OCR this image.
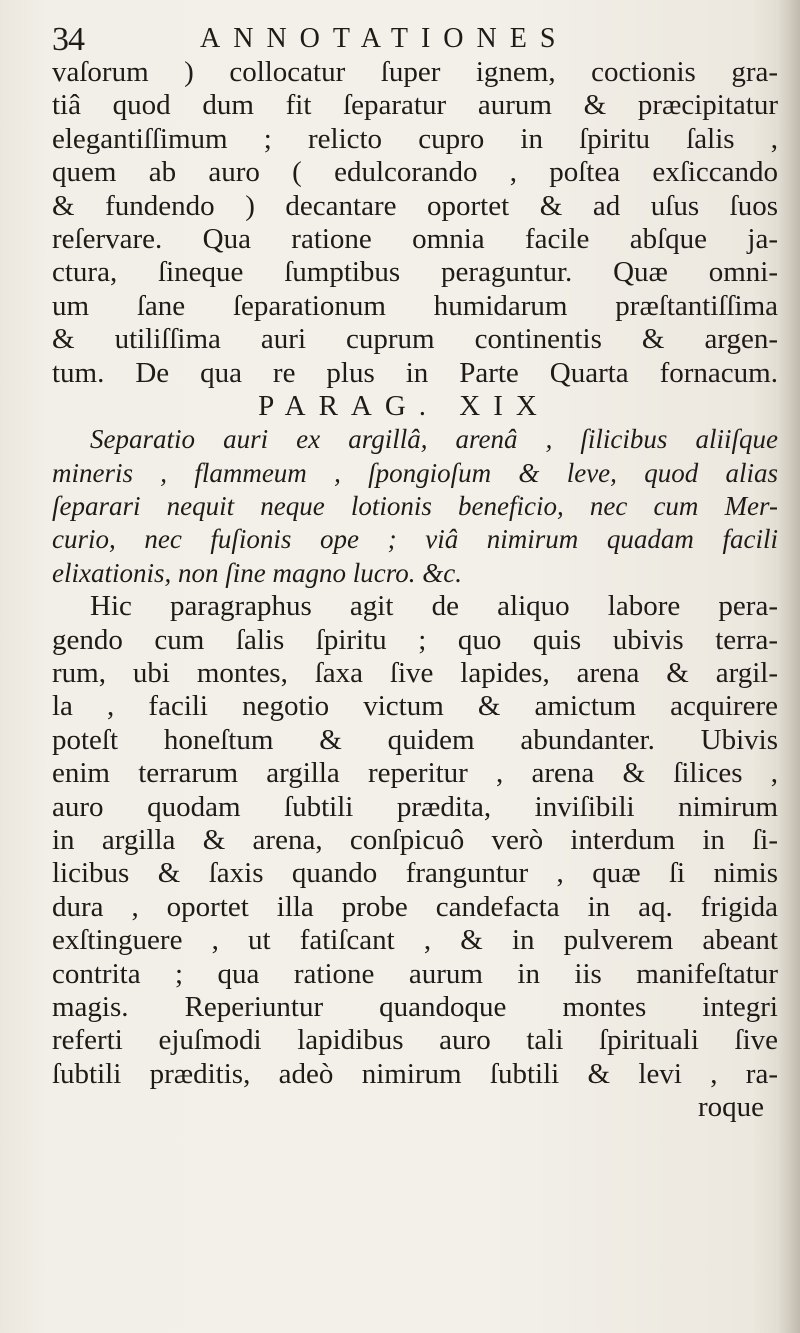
34	ANNOTATIONES
vaſorum ) collocatur ſuper ignem, coctionis gra-
tiâ quod dum fit ſeparatur aurum & præcipitatur
elegantiſſimum ; relicto cupro in ſpiritu ſalis ,
quem ab auro ( edulcorando , poſtea exſiccando
& fundendo ) decantare oportet & ad uſus ſuos
reſervare. Qua ratione omnia facile abſque ja-
ctura, ſineque ſumptibus peraguntur. Quæ omni-
um ſane ſeparationum humidarum præſtantiſſima
& utiliſſima auri cuprum continentis & argen-
tum. De qua re plus in Parte Quarta fornacum.
PARAG. XIX
Separatio auri ex argillâ, arenâ , ſilicibus aliiſque
mineris , flammeum , ſpongioſum & leve, quod alias
ſeparari nequit neque lotionis beneficio, nec cum Mer-
curio, nec fuſionis ope ; viâ nimirum quadam facili
elixationis, non ſine magno lucro. &c.
Hic paragraphus agit de aliquo labore pera-
gendo cum ſalis ſpiritu ; quo quis ubivis terra-
rum, ubi montes, ſaxa ſive lapides, arena & argil-
la , facili negotio victum & amictum acquirere
poteſt honeſtum & quidem abundanter. Ubivis
enim terrarum argilla reperitur , arena & ſilices ,
auro quodam ſubtili prædita, inviſibili nimirum
in argilla & arena, conſpicuô verò interdum in ſi-
licibus & ſaxis quando franguntur , quæ ſi nimis
dura , oportet illa probe candefacta in aq. frigida
exſtinguere , ut fatiſcant , & in pulverem abeant
contrita ; qua ratione aurum in iis manifeſtatur
magis. Reperiuntur quandoque montes integri
referti ejuſmodi lapidibus auro tali ſpirituali ſive
ſubtili præditis, adeò nimirum ſubtili & levi , ra-
roque
